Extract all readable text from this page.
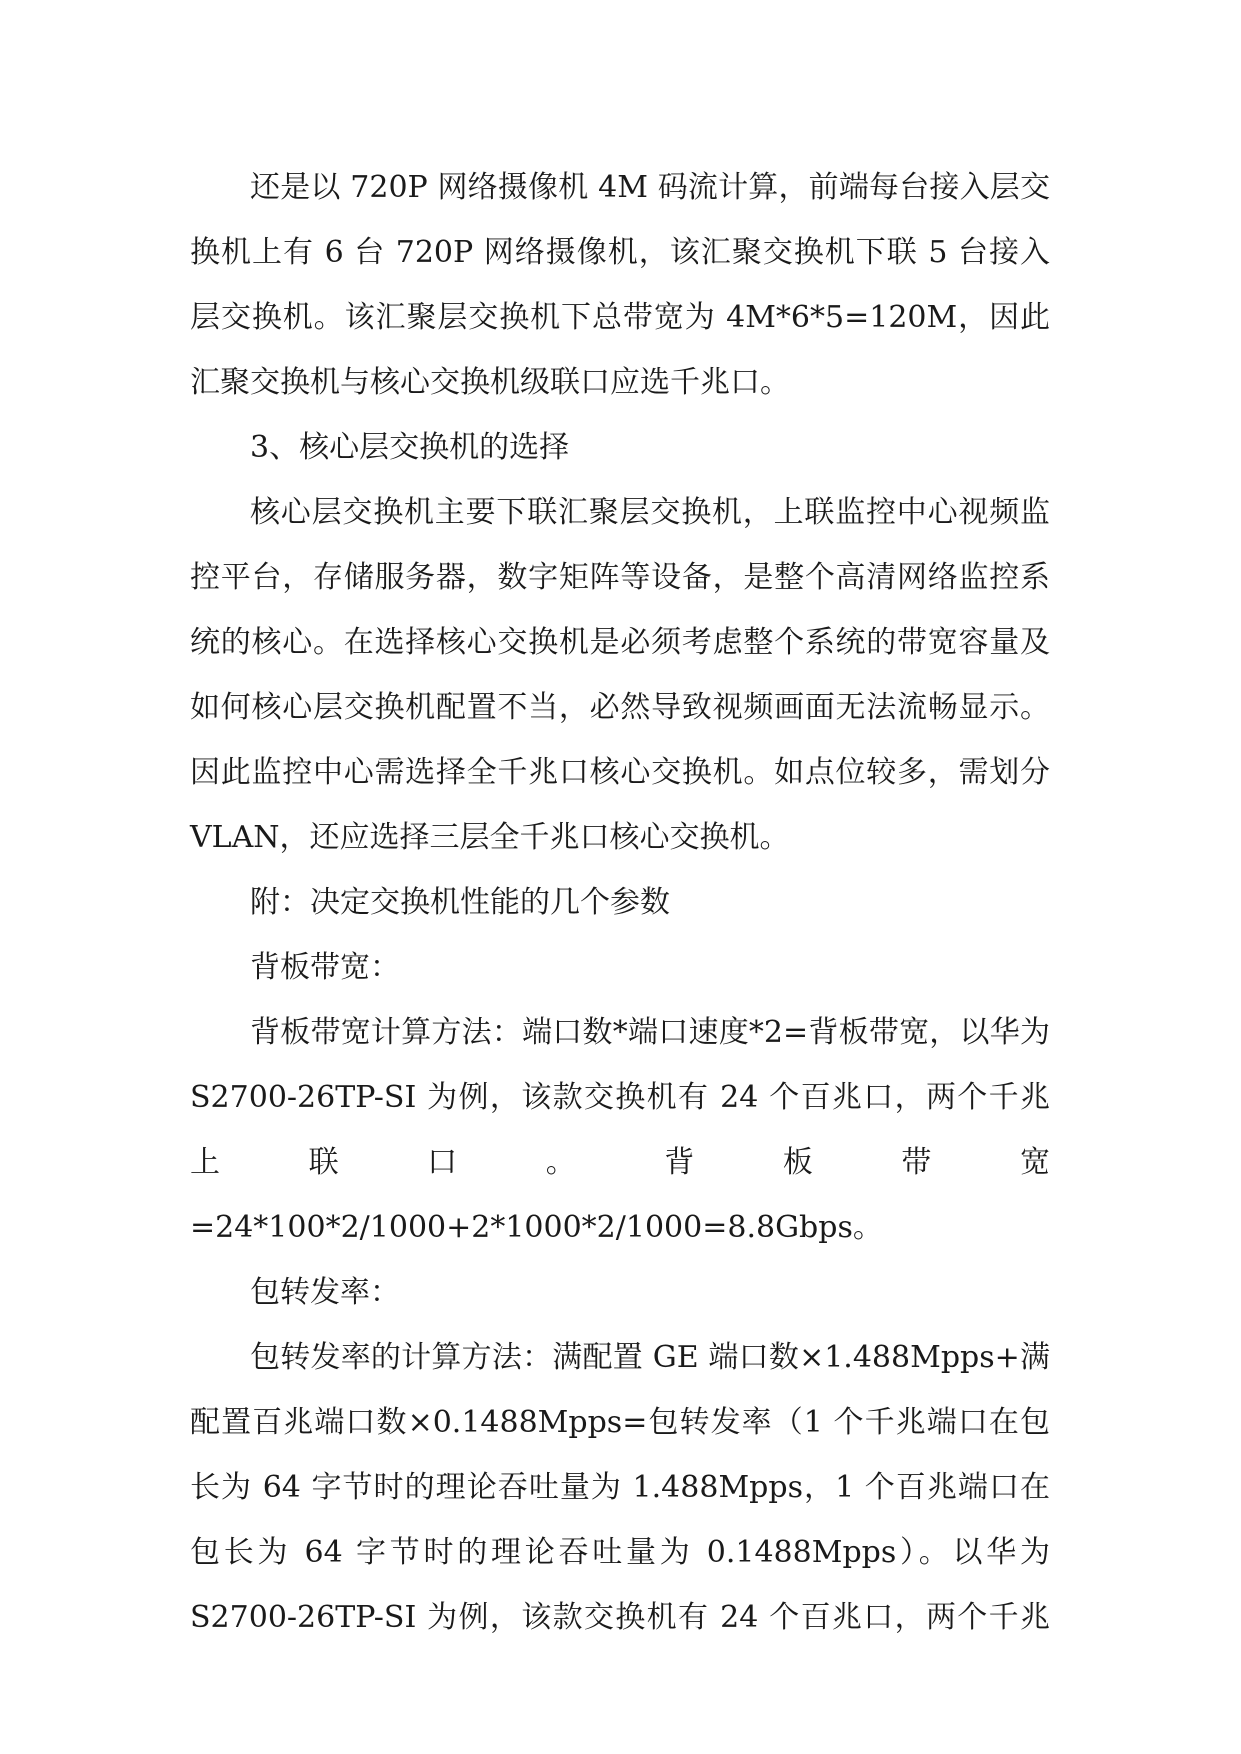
还是以 720P 网络摄像机 4M 码流计算，前端每台接入层交换机上有 6 台 720P 网络摄像机，该汇聚交换机下联 5 台接入层交换机。该汇聚层交换机下总带宽为 4M*6*5=120M，因此汇聚交换机与核心交换机级联口应选千兆口。

3、核心层交换机的选择

核心层交换机主要下联汇聚层交换机，上联监控中心视频监控平台，存储服务器，数字矩阵等设备，是整个高清网络监控系统的核心。在选择核心交换机是必须考虑整个系统的带宽容量及如何核心层交换机配置不当，必然导致视频画面无法流畅显示。因此监控中心需选择全千兆口核心交换机。如点位较多，需划分 VLAN，还应选择三层全千兆口核心交换机。

附：决定交换机性能的几个参数

背板带宽：

背板带宽计算方法：端口数*端口速度*2=背板带宽，以华为 S2700-26TP-SI 为例，该款交换机有 24 个百兆口，两个千兆上联口。背板带宽 =24*100*2/1000+2*1000*2/1000=8.8Gbps。

包转发率：

包转发率的计算方法：满配置 GE 端口数×1.488Mpps+满配置百兆端口数×0.1488Mpps=包转发率（1 个千兆端口在包长为 64 字节时的理论吞吐量为 1.488Mpps，1 个百兆端口在包长为 64 字节时的理论吞吐量为 0.1488Mpps）。以华为 S2700-26TP-SI 为例，该款交换机有 24 个百兆口，两个千兆
